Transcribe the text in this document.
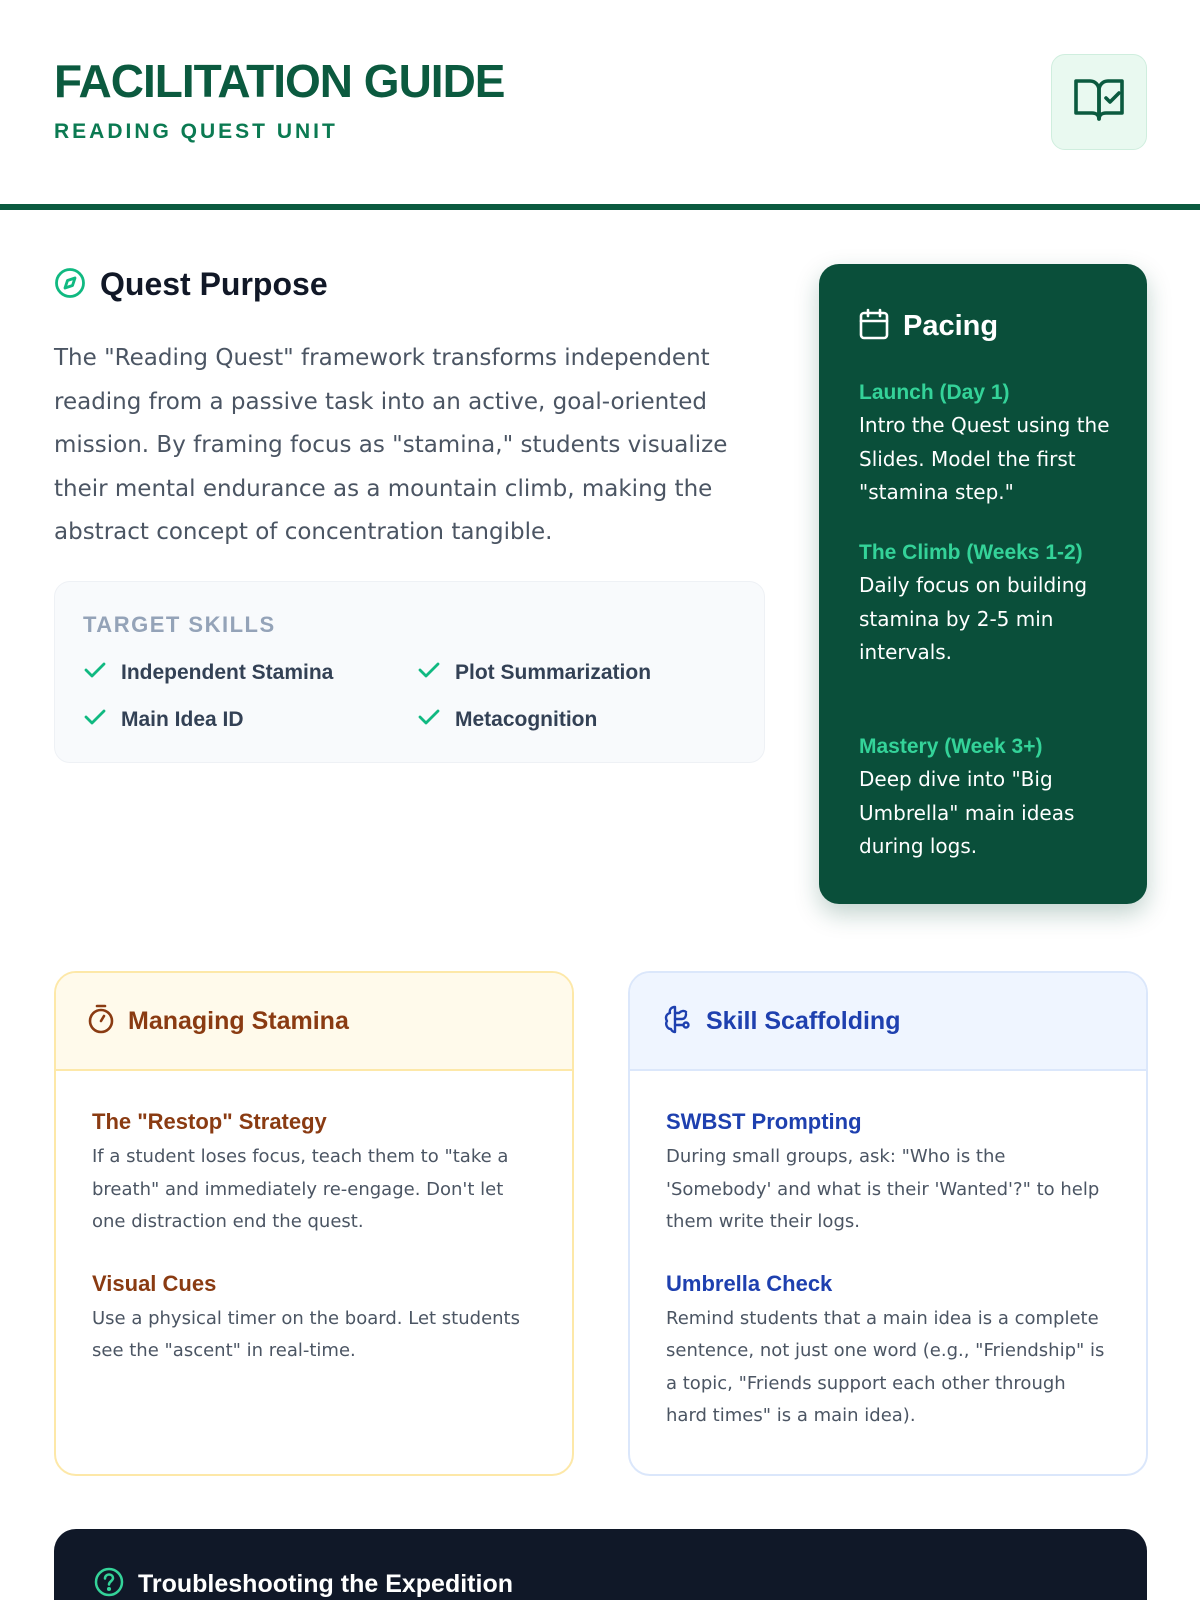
FACILITATION GUIDE
READING QUEST UNIT
Quest Purpose

The "Reading Quest" framework transforms independent reading from a passive task into an active, goal-oriented mission. By framing focus as "stamina," students visualize their mental endurance as a mountain climb, making the abstract concept of concentration tangible.

TARGET SKILLS
Independent Stamina	Plot Summarization
Main Idea ID	Metacognition
Pacing
Launch (Day 1)
Intro the Quest using the Slides. Model the first "stamina step."
The Climb (Weeks 1-2)
Daily focus on building stamina by 2-5 min intervals.
Mastery (Week 3+)
Deep dive into "Big Umbrella" main ideas during logs.
Managing Stamina
The "Restop" Strategy
If a student loses focus, teach them to "take a breath" and immediately re-engage. Don't let one distraction end the quest.
Visual Cues
Use a physical timer on the board. Let students see the "ascent" in real-time.
Skill Scaffolding
SWBST Prompting
During small groups, ask: "Who is the 'Somebody' and what is their 'Wanted'?" to help them write their logs.
Umbrella Check
Remind students that a main idea is a complete sentence, not just one word (e.g., "Friendship" is a topic, "Friends support each other through hard times" is a main idea).
Troubleshooting the Expedition
